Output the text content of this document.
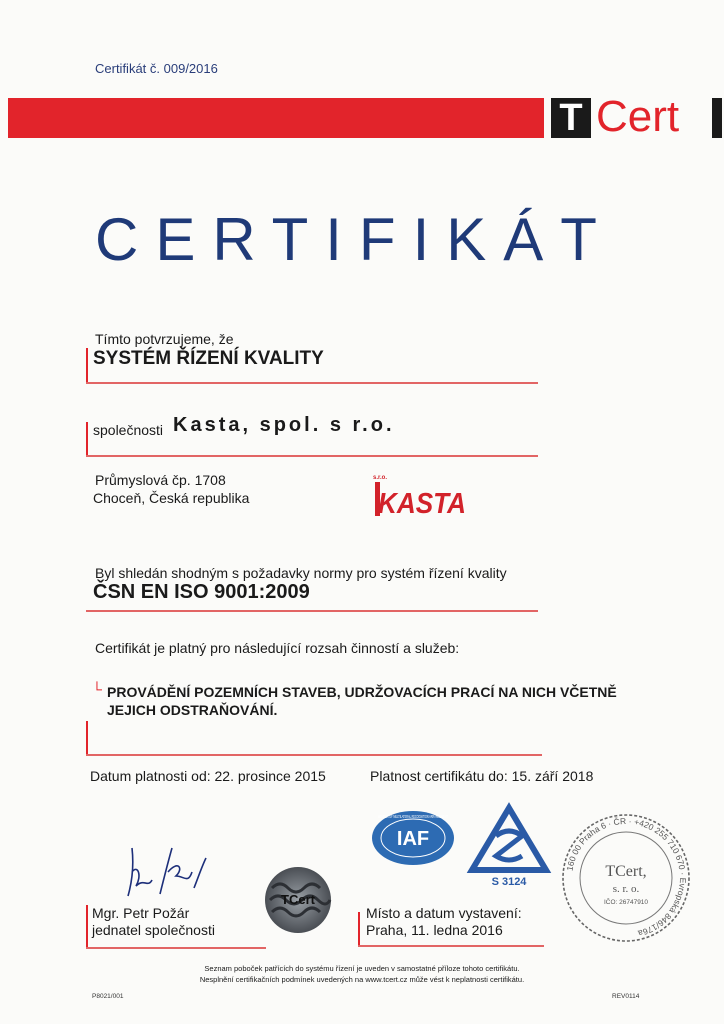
Certifikát č. 009/2016
T Cert
CERTIFIKÁT
Tímto potvrzujeme, že
SYSTÉM ŘÍZENÍ KVALITY
společnosti Kasta, spol. s r.o.
Průmyslová čp. 1708
Choceň, Česká republika
s.r.o.
KASTA
Byl shledán shodným s požadavky normy pro systém řízení kvality
ČSN EN ISO 9001:2009
Certifikát je platný pro následující rozsah činností a služeb:
└ PROVÁDĚNÍ POZEMNÍCH STAVEB, UDRŽOVACÍCH PRACÍ NA NICH VČETNĚ JEJICH ODSTRAŇOVÁNÍ.
Datum platnosti od: 22. prosince 2015	Platnost certifikátu do: 15. září 2018
Mgr. Petr Požár
jednatel společnosti
TCert
IAF
MEMBER OF MULTILATERAL RECOGNITION ARRANGEMENT
S 3124
Místo a datum vystavení:
Praha, 11. ledna 2016
160 00 Praha 6 · ČR · +420 255 710 670 · Evropská 846/176a
TCert,
s. r. o.
IČO: 26747910
Seznam poboček patřících do systému řízení je uveden v samostatné příloze tohoto certifikátu.
Nesplnění certifikačních podmínek uvedených na www.tcert.cz může vést k neplatnosti certifikátu.
P8021/001	REV0114
